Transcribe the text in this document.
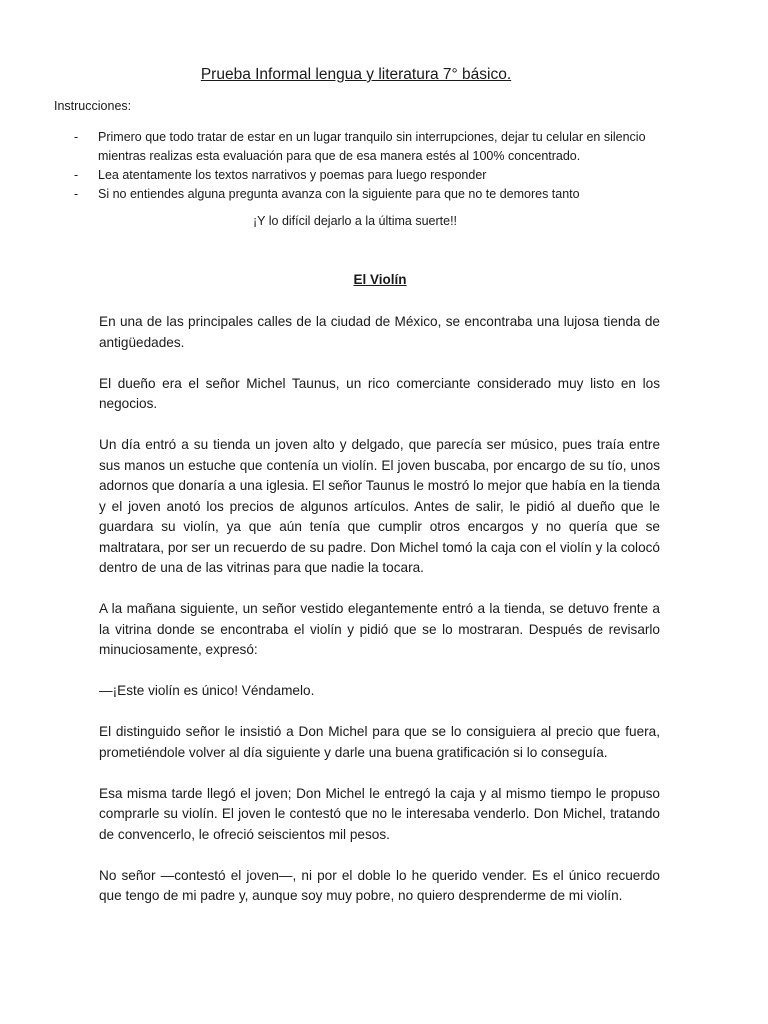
Prueba Informal lengua y literatura 7° básico.

Instrucciones:

- Primero que todo tratar de estar en un lugar tranquilo sin interrupciones, dejar tu celular en silencio mientras realizas esta evaluación para que de esa manera estés al 100% concentrado.
- Lea atentamente los textos narrativos y poemas para luego responder
- Si no entiendes alguna pregunta avanza con la siguiente para que no te demores tanto

¡Y lo difícil dejarlo a la última suerte!!

El Violín

En una de las principales calles de la ciudad de México, se encontraba una lujosa tienda de antigüedades.

El dueño era el señor Michel Taunus, un rico comerciante considerado muy listo en los negocios.

Un día entró a su tienda un joven alto y delgado, que parecía ser músico, pues traía entre sus manos un estuche que contenía un violín. El joven buscaba, por encargo de su tío, unos adornos que donaría a una iglesia. El señor Taunus le mostró lo mejor que había en la tienda y el joven anotó los precios de algunos artículos. Antes de salir, le pidió al dueño que le guardara su violín, ya que aún tenía que cumplir otros encargos y no quería que se maltratara, por ser un recuerdo de su padre. Don Michel tomó la caja con el violín y la colocó dentro de una de las vitrinas para que nadie la tocara.

A la mañana siguiente, un señor vestido elegantemente entró a la tienda, se detuvo frente a la vitrina donde se encontraba el violín y pidió que se lo mostraran. Después de revisarlo minuciosamente, expresó:

—¡Este violín es único! Véndamelo.

El distinguido señor le insistió a Don Michel para que se lo consiguiera al precio que fuera, prometiéndole volver al día siguiente y darle una buena gratificación si lo conseguía.

Esa misma tarde llegó el joven; Don Michel le entregó la caja y al mismo tiempo le propuso comprarle su violín. El joven le contestó que no le interesaba venderlo. Don Michel, tratando de convencerlo, le ofreció seiscientos mil pesos.

No señor —contestó el joven—, ni por el doble lo he querido vender. Es el único recuerdo que tengo de mi padre y, aunque soy muy pobre, no quiero desprenderme de mi violín.
